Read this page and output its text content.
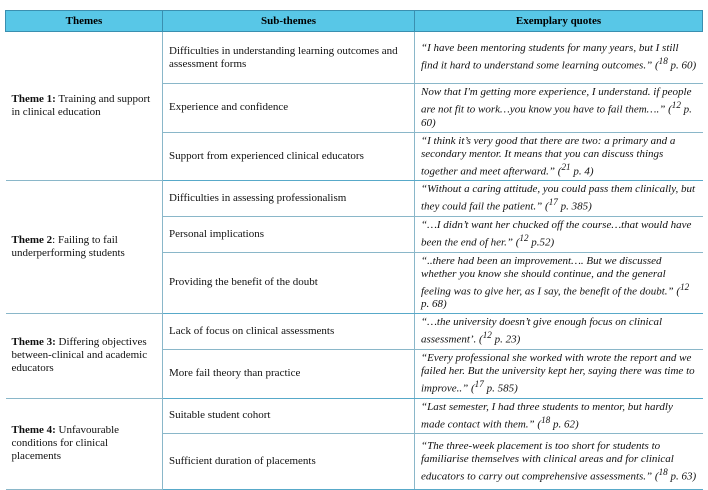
Themes	Sub-themes	Exemplary quotes
Theme 1: Training and support in clinical education	Difficulties in understanding learning outcomes and assessment forms	“I have been mentoring students for many years, but I still find it hard to understand some learning outcomes.” ($^{18}$ p. 60)
	Experience and confidence	Now that I'm getting more experience, I understand. if people are not fit to work…you know you have to fail them….” ($^{12}$ p. 60)
	Support from experienced clinical educators	“I think it’s very good that there are two: a primary and a secondary mentor. It means that you can discuss things together and meet afterward.” ($^{21}$ p. 4)
Theme 2: Failing to fail underperforming students	Difficulties in assessing professionalism	“Without a caring attitude, you could pass them clinically, but they could fail the patient.” ($^{17}$ p. 385)
	Personal implications	“…I didn’t want her chucked off the course…that would have been the end of her.” ($^{12}$ p.52)
	Providing the benefit of the doubt	“..there had been an improvement…. But we discussed whether you know she should continue, and the general feeling was to give her, as I say, the benefit of the doubt.” ($^{12}$ p. 68)
Theme 3: Differing objectives between-clinical and academic educators	Lack of focus on clinical assessments	“…the university doesn’t give enough focus on clinical assessment’. ($^{12}$ p. 23)
	More fail theory than practice	“Every professional she worked with wrote the report and we failed her. But the university kept her, saying there was time to improve..” ($^{17}$ p. 585)
Theme 4: Unfavourable conditions for clinical placements	Suitable student cohort	“Last semester, I had three students to mentor, but hardly made contact with them.” ($^{18}$ p. 62)
	Sufficient duration of placements	“The three-week placement is too short for students to familiarise themselves with clinical areas and for clinical educators to carry out comprehensive assessments.” ($^{18}$ p. 63)
